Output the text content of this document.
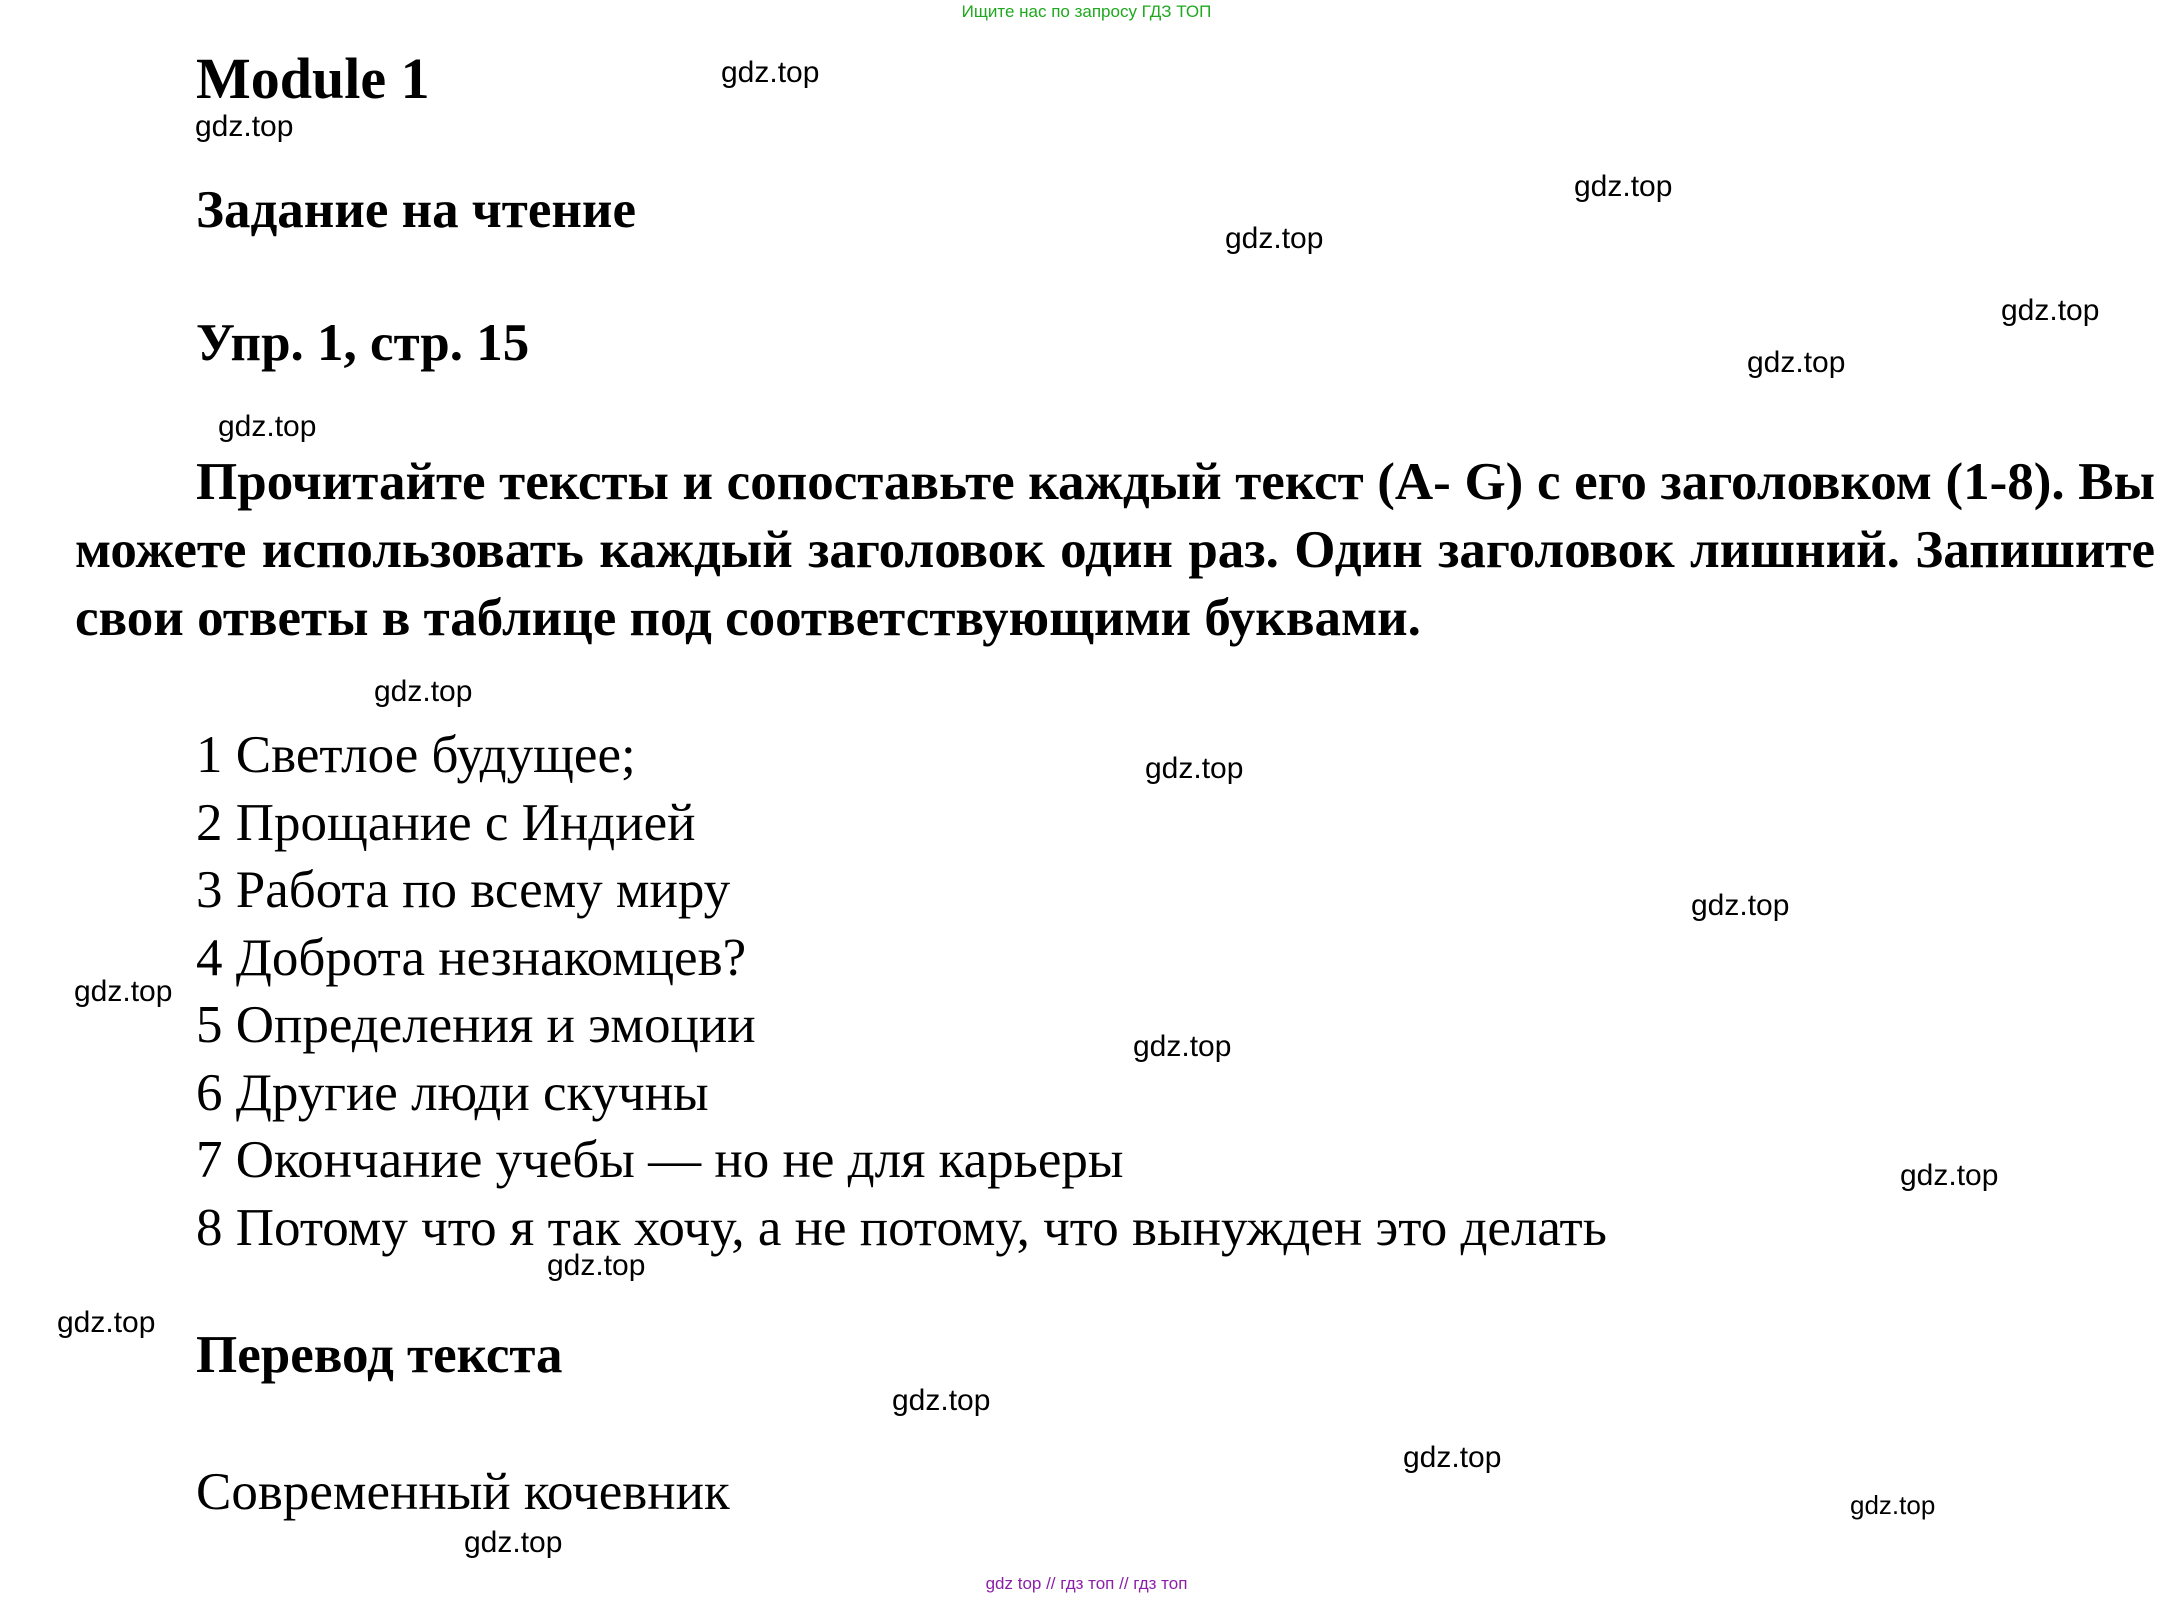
Ищите нас по запросу ГДЗ ТОП
Module 1
Задание на чтение
Упр. 1, стр. 15
Прочитайте тексты и сопоставьте каждый текст (A- G) с его заголовком (1-8). Вы можете использовать каждый заголовок один раз. Один заголовок лишний. Запишите свои ответы в таблице под соответствующими буквами.
1 Светлое будущее;
2 Прощание с Индией
3 Работа по всему миру
4 Доброта незнакомцев?
5 Определения и эмоции
6 Другие люди скучны
7 Окончание учебы — но не для карьеры
8 Потому что я так хочу, а не потому, что вынужден это делать
Перевод текста
Современный кочевник
gdz.top
gdz.top
gdz.top
gdz.top
gdz.top
gdz.top
gdz.top
gdz.top
gdz.top
gdz.top
gdz.top
gdz.top
gdz.top
gdz.top
gdz.top
gdz.top
gdz.top
gdz.top
gdz.top
gdz top // гдз топ // гдз топ
